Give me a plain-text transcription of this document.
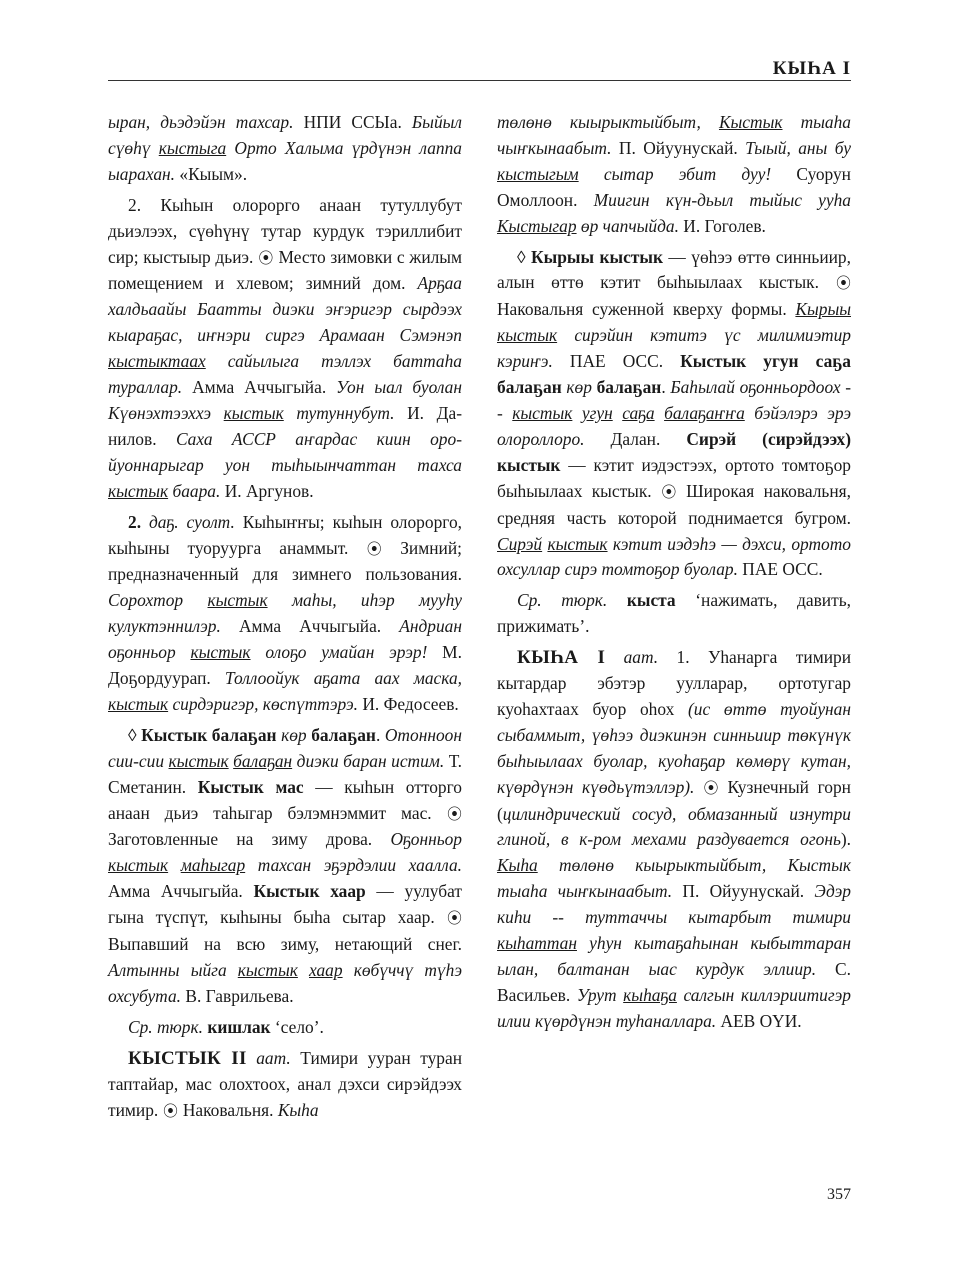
КЫҺА I

ыран, дьэдэйэн тахсар. НПИ ССЫа. Быйыл сүөһү кыстыга Орто Халыма үрдүнэн лаппа ыарахан. «Кыым».

2. Кыһын олорорго анаан тутуллубут дьиэлээх, сүөһүнү тутар курдук тэриллибит сир; кыстыыр дьиэ. ⦿ Место зимовки с жилым помещением и хлевом; зимний дом. Арҕаа халдьаайы Баатты диэки эҥэригэр сырдээх кыараҕас, иҥнэри сиргэ Арамаан Сэмэнэп кыстыктаах сайылыга тэллэх баттаһа тураллар. Амма Аччыгыйа. Уон ыал буолан Күөнэхтээххэ кыстык тутуннубут. И. Данилов. Саха АССР аҥардас киин оройуоннарыгар уон тыһыынчаттан тахса кыстык баара. И. Аргунов.

2. даҕ. суолт. Кыһыҥҥы; кыһын олорорго, кыһыны туоруурга анаммыт. ⦿ Зимний; предназначенный для зимнего пользования. Сорохтор кыстык маһы, иһэр мууһу кулуктэннилэр. Амма Аччыгыйа. Андриан оҕонньор кыстык олоҕо умайан эрэр! М. Доҕордуурап. Толлоойук аҕата аах маска, кыстык сирдэригэр, көспүттэрэ. И. Федосеев.

◊ Кыстык балаҕан көр балаҕан. Отонноон сии-сии кыстык балаҕан диэки баран истим. Т. Сметанин. Кыстык мас — кыһын отторго анаан дьиэ таһыгар бэлэмнэммит мас. ⦿ Заготовленные на зиму дрова. Оҕонньор кыстык маһыгар тахсан эҕэрдэлии хаалла. Амма Аччыгыйа. Кыстык хаар — уулубат гына түспүт, кыһыны быһа сытар хаар. ⦿ Выпавший на всю зиму, нетающий снег. Алтынны ыйга кыстык хаар көбүччү түһэ охсубута. В. Гаврильева.

Ср. тюрк. кишлак ‘село’.

КЫСТЫК II аат. Тимири ууран туран таптайар, мас олохтоох, анал дэхси сирэйдээх тимир. ⦿ Наковальня. Кыһа

төлөнө кыырыктыйбыт, Кыстык тыаһа чыҥкынаабыт. П. Ойуунускай. Тыый, аны бу кыстыгым сытар эбит дуу! Суорун Омоллоон. Миигин күн-дьыл тыйыс ууһа Кыстыгар өр чапчыйда. И. Гоголев.

◊ Кырыы кыстык — үөһээ өттө синньиир, алын өттө кэтит быһыылаах кыстык. ⦿ Наковальня суженной кверху формы. Кырыы кыстык сирэйин кэтитэ үс милимиэтир кэриҥэ. ПАЕ ОСС. Кыстык угун саҕа балаҕан көр балаҕан. Баһылай оҕонньордоох -- кыстык угун саҕа балаҕаҥҥа бэйэлэрэ эрэ олороллоро. Далан. Сирэй (сирэйдээх) кыстык — кэтит иэдэстээх, ортото томтоҕор быһыылаах кыстык. ⦿ Широкая наковальня, средняя часть которой поднимается бугром. Сирэй кыстык кэтит иэдэһэ — дэхси, ортото охсуллар сирэ томтоҕор буолар. ПАЕ ОСС.

Ср. тюрк. кыста ‘нажимать, давить, прижимать’.

КЫҺА I аат. 1. Уһанарга тимири кытардар эбэтэр уулларар, ортотугар куоһахтаах буор оһох (ис өттө туойунан сыбаммыт, үөһээ диэкинэн синньиир төкүнүк быһыылаах буолар, куоһаҕар көмөрү кутан, күөрдүнэн күөдьүтэллэр). ⦿ Кузнечный горн (цилиндрический сосуд, обмазанный изнутри глиной, в к-ром мехами раздувается огонь). Кыһа төлөнө кыырыктыйбыт, Кыстык тыаһа чыҥкынаабыт. П. Ойуунускай. Эдэр киһи -- туттаччы кытарбыт тимири кыһаттан уһун кытаҕаһынан кыбыттаран ылан, балтанан ыас курдук эллиир. С. Васильев. Урут кыһаҕа салгын киллэриитигэр илии күөрдүнэн туһаналлара. АЕВ ОҮИ.

357
